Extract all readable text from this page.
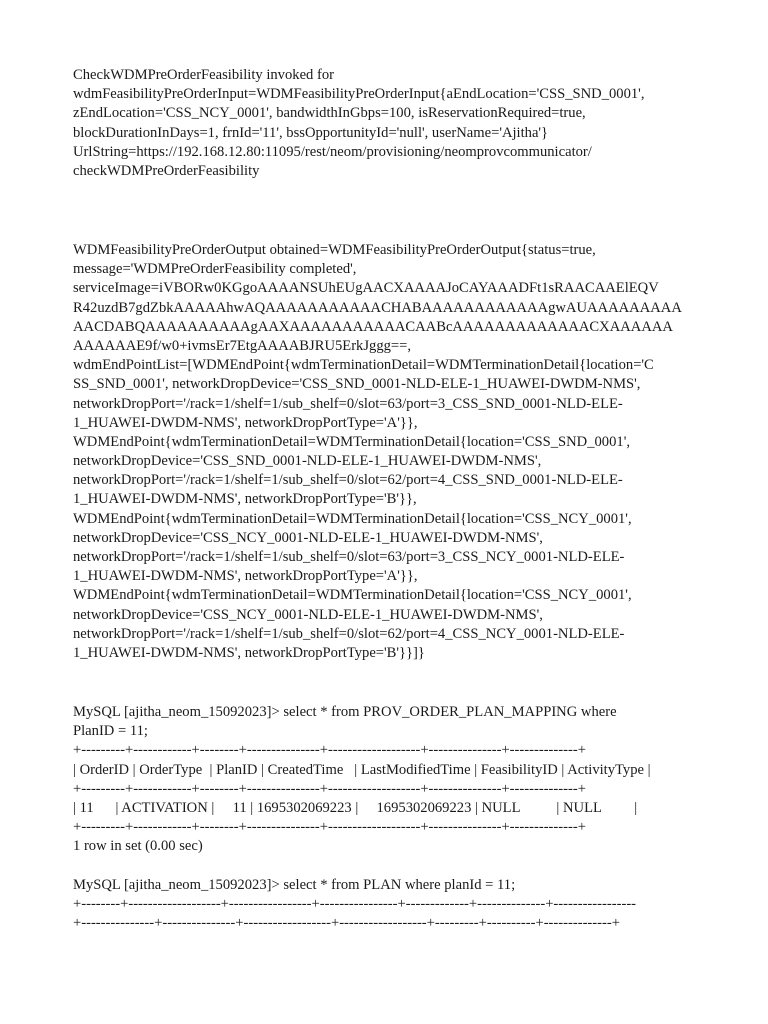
CheckWDMPreOrderFeasibility invoked for
wdmFeasibilityPreOrderInput=WDMFeasibilityPreOrderInput{aEndLocation='CSS_SND_0001',
zEndLocation='CSS_NCY_0001', bandwidthInGbps=100, isReservationRequired=true,
blockDurationInDays=1, frnId='11', bssOpportunityId='null', userName='Ajitha'}
UrlString=https://192.168.12.80:11095/rest/neom/provisioning/neomprovcommunicator/
checkWDMPreOrderFeasibility
WDMFeasibilityPreOrderOutput obtained=WDMFeasibilityPreOrderOutput{status=true,
message='WDMPreOrderFeasibility completed',
serviceImage=iVBORw0KGgoAAAANSUhEUgAACXAAAAJoCAYAAADFt1sRAACAAElEQV
R42uzdB7gdZbkAAAAAhwAQAAAAAAAAAAACHABAAAAAAAAAAAAgwAUAAAAAAAAA
AACDABQAAAAAAAAAAgAAXAAAAAAAAAAACAABcAAAAAAAAAAAAACXAAAAAA
AAAAAAE9f/w0+ivmsEr7EtgAAAABJRU5ErkJggg==,
wdmEndPointList=[WDMEndPoint{wdmTerminationDetail=WDMTerminationDetail{location='C
SS_SND_0001', networkDropDevice='CSS_SND_0001-NLD-ELE-1_HUAWEI-DWDM-NMS',
networkDropPort='/rack=1/shelf=1/sub_shelf=0/slot=63/port=3_CSS_SND_0001-NLD-ELE-
1_HUAWEI-DWDM-NMS', networkDropPortType='A'}},
WDMEndPoint{wdmTerminationDetail=WDMTerminationDetail{location='CSS_SND_0001',
networkDropDevice='CSS_SND_0001-NLD-ELE-1_HUAWEI-DWDM-NMS',
networkDropPort='/rack=1/shelf=1/sub_shelf=0/slot=62/port=4_CSS_SND_0001-NLD-ELE-
1_HUAWEI-DWDM-NMS', networkDropPortType='B'}},
WDMEndPoint{wdmTerminationDetail=WDMTerminationDetail{location='CSS_NCY_0001',
networkDropDevice='CSS_NCY_0001-NLD-ELE-1_HUAWEI-DWDM-NMS',
networkDropPort='/rack=1/shelf=1/sub_shelf=0/slot=63/port=3_CSS_NCY_0001-NLD-ELE-
1_HUAWEI-DWDM-NMS', networkDropPortType='A'}},
WDMEndPoint{wdmTerminationDetail=WDMTerminationDetail{location='CSS_NCY_0001',
networkDropDevice='CSS_NCY_0001-NLD-ELE-1_HUAWEI-DWDM-NMS',
networkDropPort='/rack=1/shelf=1/sub_shelf=0/slot=62/port=4_CSS_NCY_0001-NLD-ELE-
1_HUAWEI-DWDM-NMS', networkDropPortType='B'}}]}
MySQL [ajitha_neom_15092023]> select * from PROV_ORDER_PLAN_MAPPING where
PlanID = 11;
+---------+------------+--------+---------------+-------------------+---------------+--------------+
| OrderID | OrderType  | PlanID | CreatedTime   | LastModifiedTime | FeasibilityID | ActivityType |
+---------+------------+--------+---------------+-------------------+---------------+--------------+
| 11      | ACTIVATION |     11 | 1695302069223 |     1695302069223 | NULL          | NULL         |
+---------+------------+--------+---------------+-------------------+---------------+--------------+
1 row in set (0.00 sec)
MySQL [ajitha_neom_15092023]> select * from PLAN where planId = 11;
+--------+-------------------+-----------------+----------------+-------------+--------------+-----------------
+---------------+---------------+------------------+------------------+---------+----------+--------------+
